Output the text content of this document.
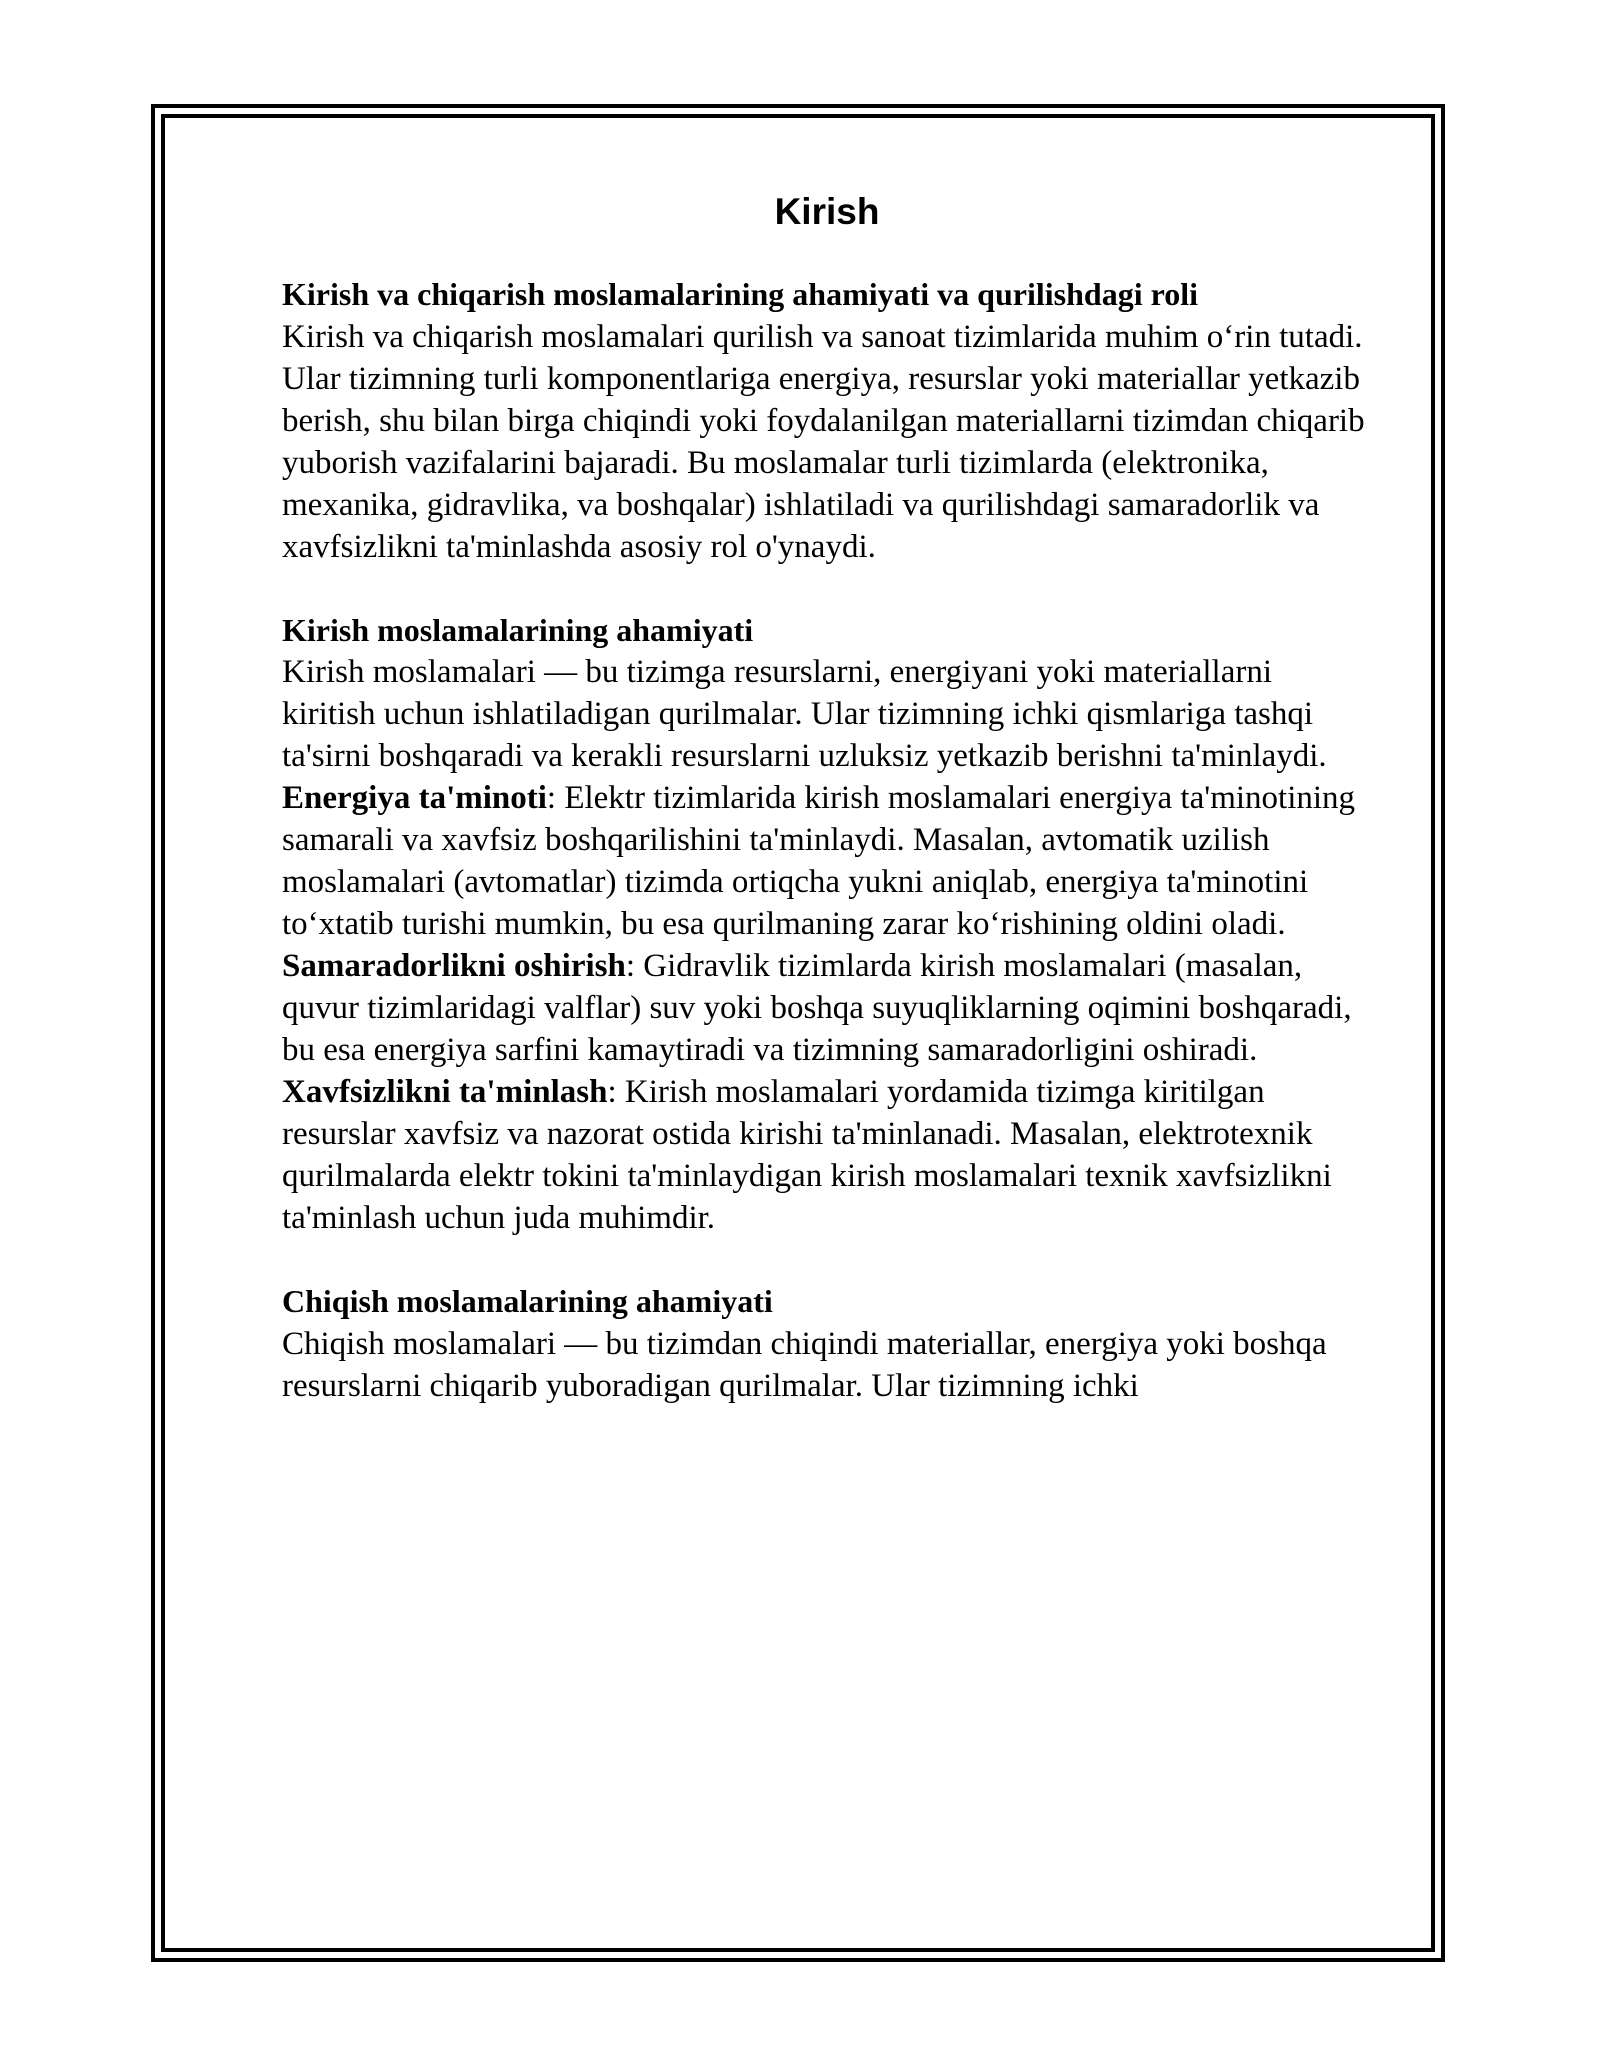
Kirish
Kirish va chiqarish moslamalarining ahamiyati va qurilishdagi roli

Kirish va chiqarish moslamalari qurilish va sanoat tizimlarida muhim o‘rin tutadi. Ular tizimning turli komponentlariga energiya, resurslar yoki materiallar yetkazib berish, shu bilan birga chiqindi yoki foydalanilgan materiallarni tizimdan chiqarib yuborish vazifalarini bajaradi. Bu moslamalar turli tizimlarda (elektronika, mexanika, gidravlika, va boshqalar) ishlatiladi va qurilishdagi samaradorlik va xavfsizlikni ta'minlashda asosiy rol o'ynaydi.

Kirish moslamalarining ahamiyati

Kirish moslamalari — bu tizimga resurslarni, energiyani yoki materiallarni kiritish uchun ishlatiladigan qurilmalar. Ular tizimning ichki qismlariga tashqi ta'sirni boshqaradi va kerakli resurslarni uzluksiz yetkazib berishni ta'minlaydi.

Energiya ta'minoti: Elektr tizimlarida kirish moslamalari energiya ta'minotining samarali va xavfsiz boshqarilishini ta'minlaydi. Masalan, avtomatik uzilish moslamalari (avtomatlar) tizimda ortiqcha yukni aniqlab, energiya ta'minotini to‘xtatib turishi mumkin, bu esa qurilmaning zarar ko‘rishining oldini oladi.

Samaradorlikni oshirish: Gidravlik tizimlarda kirish moslamalari (masalan, quvur tizimlaridagi valflar) suv yoki boshqa suyuqliklarning oqimini boshqaradi, bu esa energiya sarfini kamaytiradi va tizimning samaradorligini oshiradi.

Xavfsizlikni ta'minlash: Kirish moslamalari yordamida tizimga kiritilgan resurslar xavfsiz va nazorat ostida kirishi ta'minlanadi. Masalan, elektrotexnik qurilmalarda elektr tokini ta'minlaydigan kirish moslamalari texnik xavfsizlikni ta'minlash uchun juda muhimdir.

Chiqish moslamalarining ahamiyati

Chiqish moslamalari — bu tizimdan chiqindi materiallar, energiya yoki boshqa resurslarni chiqarib yuboradigan qurilmalar. Ular tizimning ichki
